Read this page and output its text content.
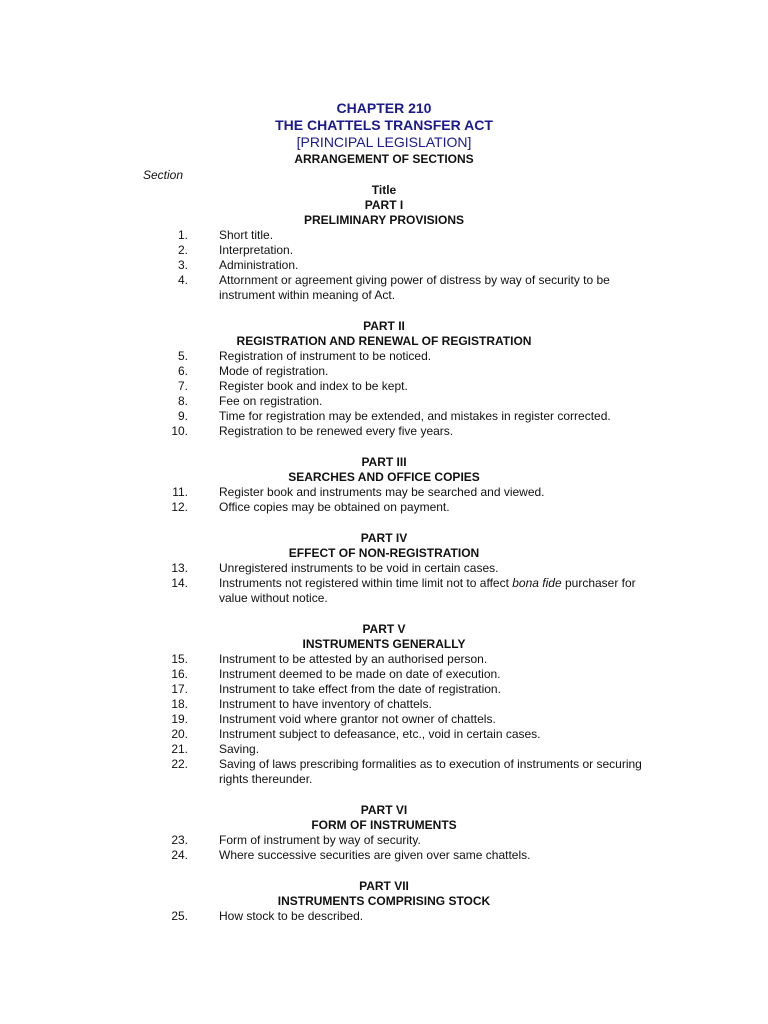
CHAPTER 210
THE CHATTELS TRANSFER ACT
[PRINCIPAL LEGISLATION]
ARRANGEMENT OF SECTIONS
Section
Title
PART I
PRELIMINARY PROVISIONS
1.	Short title.
2.	Interpretation.
3.	Administration.
4.	Attornment or agreement giving power of distress by way of security to be instrument within meaning of Act.
PART II
REGISTRATION AND RENEWAL OF REGISTRATION
5.	Registration of instrument to be noticed.
6.	Mode of registration.
7.	Register book and index to be kept.
8.	Fee on registration.
9.	Time for registration may be extended, and mistakes in register corrected.
10.	Registration to be renewed every five years.
PART III
SEARCHES AND OFFICE COPIES
11.	Register book and instruments may be searched and viewed.
12.	Office copies may be obtained on payment.
PART IV
EFFECT OF NON-REGISTRATION
13.	Unregistered instruments to be void in certain cases.
14.	Instruments not registered within time limit not to affect bona fide purchaser for value without notice.
PART V
INSTRUMENTS GENERALLY
15.	Instrument to be attested by an authorised person.
16.	Instrument deemed to be made on date of execution.
17.	Instrument to take effect from the date of registration.
18.	Instrument to have inventory of chattels.
19.	Instrument void where grantor not owner of chattels.
20.	Instrument subject to defeasance, etc., void in certain cases.
21.	Saving.
22.	Saving of laws prescribing formalities as to execution of instruments or securing rights thereunder.
PART VI
FORM OF INSTRUMENTS
23.	Form of instrument by way of security.
24.	Where successive securities are given over same chattels.
PART VII
INSTRUMENTS COMPRISING STOCK
25.	How stock to be described.
